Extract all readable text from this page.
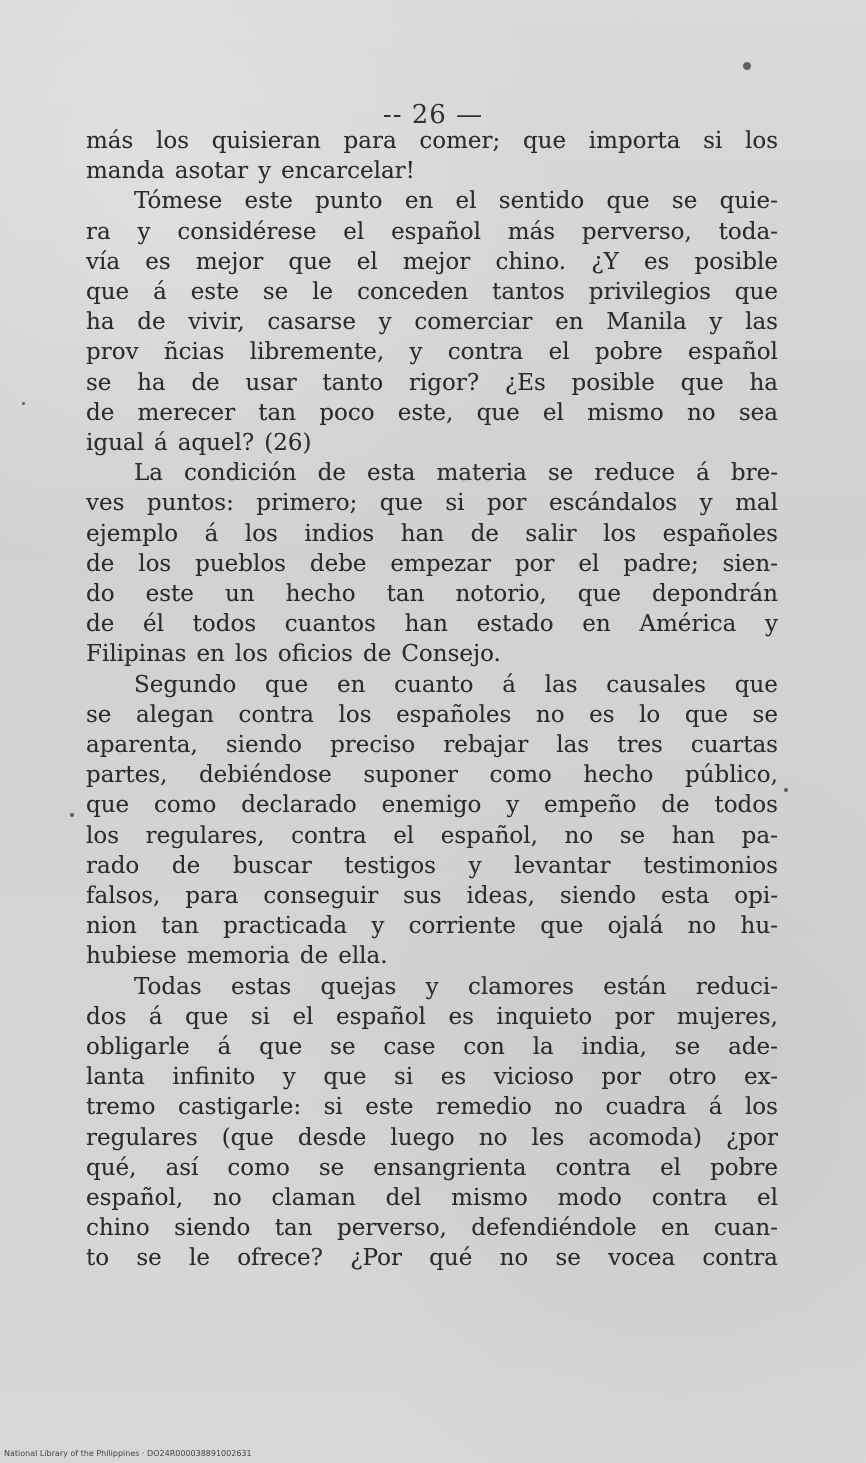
-- 26 —
más los quisieran para comer; que importa si los
manda asotar y encarcelar!
Tómese este punto en el sentido que se quie-
ra y considérese el español más perverso, toda-
vía es mejor que el mejor chino. ¿Y es posible
que á este se le conceden tantos privilegios que
ha de vivir, casarse y comerciar en Manila y las
prov ñcias libremente, y contra el pobre español
se ha de usar tanto rigor? ¿Es posible que ha
de merecer tan poco este, que el mismo no sea
igual á aquel? (26)
La condición de esta materia se reduce á bre-
ves puntos: primero; que si por escándalos y mal
ejemplo á los indios han de salir los españoles
de los pueblos debe empezar por el padre; sien-
do este un hecho tan notorio, que depondrán
de él todos cuantos han estado en América y
Filipinas en los oficios de Consejo.
Segundo que en cuanto á las causales que
se alegan contra los españoles no es lo que se
aparenta, siendo preciso rebajar las tres cuartas
partes, debiéndose suponer como hecho público,
que como declarado enemigo y empeño de todos
los regulares, contra el español, no se han pa-
rado de buscar testigos y levantar testimonios
falsos, para conseguir sus ideas, siendo esta opi-
nion tan practicada y corriente que ojalá no hu-
hubiese memoria de ella.
Todas estas quejas y clamores están reduci-
dos á que si el español es inquieto por mujeres,
obligarle á que se case con la india, se ade-
lanta infinito y que si es vicioso por otro ex-
tremo castigarle: si este remedio no cuadra á los
regulares (que desde luego no les acomoda) ¿por
qué, así como se ensangrienta contra el pobre
español, no claman del mismo modo contra el
chino siendo tan perverso, defendiéndole en cuan-
to se le ofrece? ¿Por qué no se vocea contra
National Library of the Philippines · DO24R000038891002631
